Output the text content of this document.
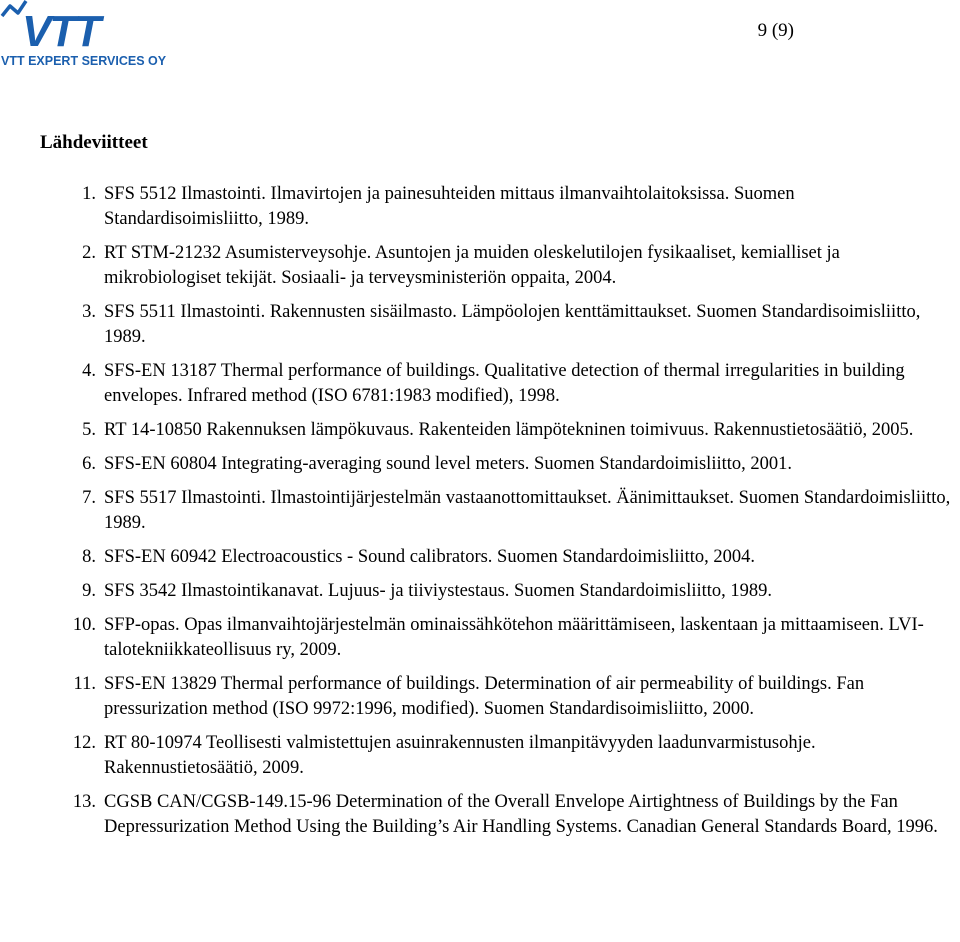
VTT
VTT EXPERT SERVICES OY
9 (9)
Lähdeviitteet
1. SFS 5512 Ilmastointi. Ilmavirtojen ja painesuhteiden mittaus ilmanvaihtolaitoksissa. Suomen Standardisoimisliitto, 1989.
2. RT STM-21232 Asumisterveysohje. Asuntojen ja muiden oleskelutilojen fysikaaliset, kemialliset ja mikrobiologiset tekijät. Sosiaali- ja terveysministeriön oppaita, 2004.
3. SFS 5511 Ilmastointi. Rakennusten sisäilmasto. Lämpöolojen kenttämittaukset. Suomen Standardisoimisliitto, 1989.
4. SFS-EN 13187 Thermal performance of buildings. Qualitative detection of thermal irregularities in building envelopes. Infrared method (ISO 6781:1983 modified), 1998.
5. RT 14-10850 Rakennuksen lämpökuvaus. Rakenteiden lämpötekninen toimivuus. Rakennustietosäätiö, 2005.
6. SFS-EN 60804 Integrating-averaging sound level meters. Suomen Standardoimisliitto, 2001.
7. SFS 5517 Ilmastointi. Ilmastointijärjestelmän vastaanottomittaukset. Äänimittaukset. Suomen Standardoimisliitto, 1989.
8. SFS-EN 60942 Electroacoustics - Sound calibrators. Suomen Standardoimisliitto, 2004.
9. SFS 3542 Ilmastointikanavat. Lujuus- ja tiiviystestaus. Suomen Standardoimisliitto, 1989.
10. SFP-opas. Opas ilmanvaihtojärjestelmän ominaissähkötehon määrittämiseen, laskentaan ja mittaamiseen. LVI-talotekniikkateollisuus ry, 2009.
11. SFS-EN 13829 Thermal performance of buildings. Determination of air permeability of buildings. Fan pressurization method (ISO 9972:1996, modified). Suomen Standardisoimisliitto, 2000.
12. RT 80-10974 Teollisesti valmistettujen asuinrakennusten ilmanpitävyyden laadunvarmistusohje. Rakennustietosäätiö, 2009.
13. CGSB CAN/CGSB-149.15-96 Determination of the Overall Envelope Airtightness of Buildings by the Fan Depressurization Method Using the Building’s Air Handling Systems. Canadian General Standards Board, 1996.
